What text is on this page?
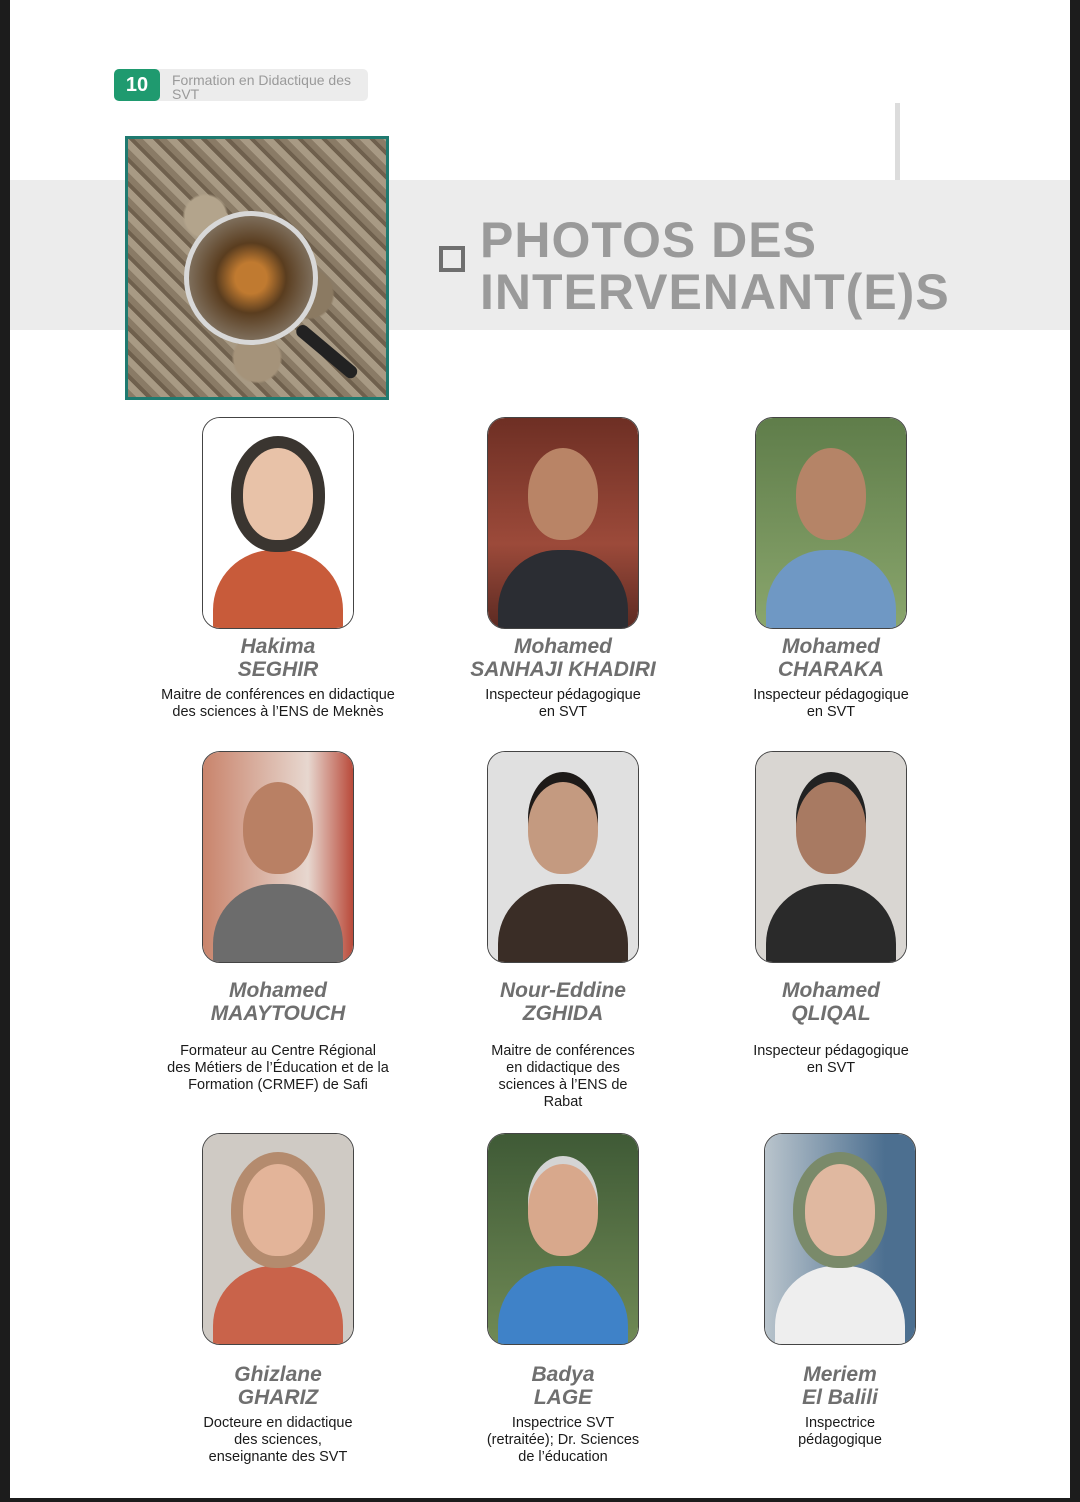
10	Formation en Didactique des SVT
PHOTOS DES
INTERVENANT(E)S
Hakima
SEGHIR
Maitre de conférences en didactique
des sciences à l’ENS de Meknès
Mohamed
SANHAJI KHADIRI
Inspecteur pédagogique
en SVT
Mohamed
CHARAKA
Inspecteur pédagogique
en SVT
Mohamed
MAAYTOUCH
Formateur au Centre Régional
des Métiers de l’Éducation et de la
Formation (CRMEF) de Safi
Nour-Eddine
ZGHIDA
Maitre de conférences
en didactique des
sciences à l’ENS de
Rabat
Mohamed
QLIQAL
Inspecteur pédagogique
en SVT
Ghizlane
GHARIZ
Docteure en didactique
des sciences,
enseignante des SVT
Badya
LAGE
Inspectrice SVT
(retraitée); Dr. Sciences
de l’éducation
Meriem
El Balili
Inspectrice
pédagogique
